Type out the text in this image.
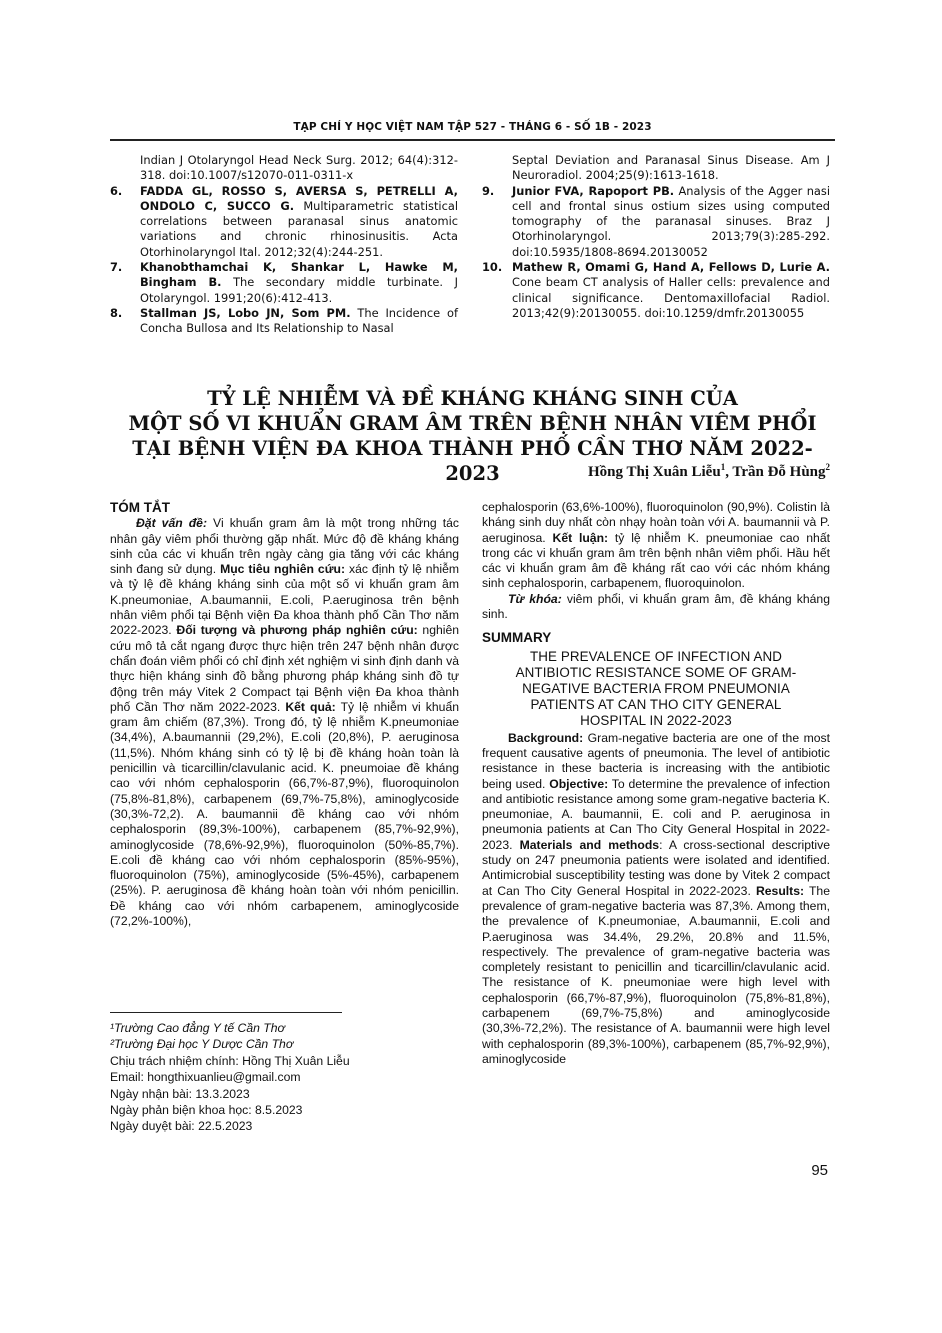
TẠP CHÍ Y HỌC VIỆT NAM TẬP 527 - THÁNG 6 - SỐ 1B - 2023
Indian J Otolaryngol Head Neck Surg. 2012; 64(4):312-318. doi:10.1007/s12070-011-0311-x
6.	FADDA GL, ROSSO S, AVERSA S, PETRELLI A, ONDOLO C, SUCCO G. Multiparametric statistical correlations between paranasal sinus anatomic variations and chronic rhinosinusitis. Acta Otorhinolaryngol Ital. 2012;32(4):244-251.
7.	Khanobthamchai K, Shankar L, Hawke M, Bingham B. The secondary middle turbinate. J Otolaryngol. 1991;20(6):412-413.
8.	Stallman JS, Lobo JN, Som PM. The Incidence of Concha Bullosa and Its Relationship to Nasal
Septal Deviation and Paranasal Sinus Disease. Am J Neuroradiol. 2004;25(9):1613-1618.
9.	Junior FVA, Rapoport PB. Analysis of the Agger nasi cell and frontal sinus ostium sizes using computed tomography of the paranasal sinuses. Braz J Otorhinolaryngol. 2013;79(3):285-292. doi:10.5935/1808-8694.20130052
10. Mathew R, Omami G, Hand A, Fellows D, Lurie A. Cone beam CT analysis of Haller cells: prevalence and clinical significance. Dentomaxillofacial Radiol. 2013;42(9):20130055. doi:10.1259/dmfr.20130055
TỶ LỆ NHIỄM VÀ ĐỀ KHÁNG KHÁNG SINH CỦA
MỘT SỐ VI KHUẨN GRAM ÂM TRÊN BỆNH NHÂN VIÊM PHỔI
TẠI BỆNH VIỆN ĐA KHOA THÀNH PHỐ CẦN THƠ NĂM 2022-2023	Hồng Thị Xuân Liễu$^1$, Trần Đỗ Hùng$^2$
TÓM TẮT

Đặt vấn đề: Vi khuẩn gram âm là một trong những tác nhân gây viêm phổi thường gặp nhất. Mức độ đề kháng kháng sinh của các vi khuẩn trên ngày càng gia tăng với các kháng sinh đang sử dụng. Mục tiêu nghiên cứu: xác định tỷ lệ nhiễm và tỷ lệ đề kháng kháng sinh của một số vi khuẩn gram âm K.pneumoniae, A.baumannii, E.coli, P.aeruginosa trên bệnh nhân viêm phổi tại Bệnh viện Đa khoa thành phố Cần Thơ năm 2022-2023. Đối tượng và phương pháp nghiên cứu: nghiên cứu mô tả cắt ngang được thực hiện trên 247 bệnh nhân được chẩn đoán viêm phổi có chỉ định xét nghiệm vi sinh định danh và thực hiện kháng sinh đồ bằng phương pháp kháng sinh đồ tự động trên máy Vitek 2 Compact tại Bệnh viện Đa khoa thành phố Cần Thơ năm 2022-2023. Kết quả: Tỷ lệ nhiễm vi khuẩn gram âm chiếm (87,3%). Trong đó, tỷ lệ nhiễm K.pneumoniae (34,4%), A.baumannii (29,2%), E.coli (20,8%), P. aeruginosa (11,5%). Nhóm kháng sinh có tỷ lệ bị đề kháng hoàn toàn là penicillin và ticarcillin/clavulanic acid. K. pneumoiae đề kháng cao với nhóm cephalosporin (66,7%-87,9%), fluoroquinolon (75,8%-81,8%), carbapenem (69,7%-75,8%), aminoglycoside (30,3%-72,2). A. baumannii đề kháng cao với nhóm cephalosporin (89,3%-100%), carbapenem (85,7%-92,9%), aminoglycoside (78,6%-92,9%), fluoroquinolon (50%-85,7%). E.coli đề kháng cao với nhóm cephalosporin (85%-95%), fluoroquinolon (75%), aminoglycoside (5%-45%), carbapenem (25%). P. aeruginosa đề kháng hoàn toàn với nhóm penicillin. Đề kháng cao với nhóm carbapenem, aminoglycoside (72,2%-100%),

¹Trường Cao đẳng Y tế Cần Thơ
²Trường Đại học Y Dược Cần Thơ
Chịu trách nhiệm chính: Hồng Thị Xuân Liễu
Email: hongthixuanlieu@gmail.com
Ngày nhận bài: 13.3.2023
Ngày phản biện khoa học: 8.5.2023
Ngày duyệt bài: 22.5.2023

cephalosporin (63,6%-100%), fluoroquinolon (90,9%). Colistin là kháng sinh duy nhất còn nhạy hoàn toàn với A. baumannii và P. aeruginosa. Kết luận: tỷ lệ nhiễm K. pneumoniae cao nhất trong các vi khuẩn gram âm trên bệnh nhân viêm phổi. Hầu hết các vi khuẩn gram âm đề kháng rất cao với các nhóm kháng sinh cephalosporin, carbapenem, fluoroquinolon.

Từ khóa: viêm phổi, vi khuẩn gram âm, đề kháng kháng sinh.

SUMMARY
THE PREVALENCE OF INFECTION AND
ANTIBIOTIC RESISTANCE SOME OF GRAM-
NEGATIVE BACTERIA FROM PNEUMONIA
PATIENTS AT CAN THO CITY GENERAL
HOSPITAL IN 2022-2023

Background: Gram-negative bacteria are one of the most frequent causative agents of pneumonia. The level of antibiotic resistance in these bacteria is increasing with the antibiotic being used. Objective: To determine the prevalence of infection and antibiotic resistance among some gram-negative bacteria K. pneumoniae, A. baumannii, E. coli and P. aeruginosa in pneumonia patients at Can Tho City General Hospital in 2022-2023. Materials and methods: A cross-sectional descriptive study on 247 pneumonia patients were isolated and identified. Antimicrobial susceptibility testing was done by Vitek 2 compact at Can Tho City General Hospital in 2022-2023. Results: The prevalence of gram-negative bacteria was 87,3%. Among them, the prevalence of K.pneumoniae, A.baumannii, E.coli and P.aeruginosa was 34.4%, 29.2%, 20.8% and 11.5%, respectively. The prevalence of gram-negative bacteria was completely resistant to penicillin and ticarcillin/clavulanic acid. The resistance of K. pneumoniae were high level with cephalosporin (66,7%-87,9%), fluoroquinolon (75,8%-81,8%), carbapenem (69,7%-75,8%) and aminoglycoside (30,3%-72,2%). The resistance of A. baumannii were high level with cephalosporin (89,3%-100%), carbapenem (85,7%-92,9%), aminoglycoside

95
